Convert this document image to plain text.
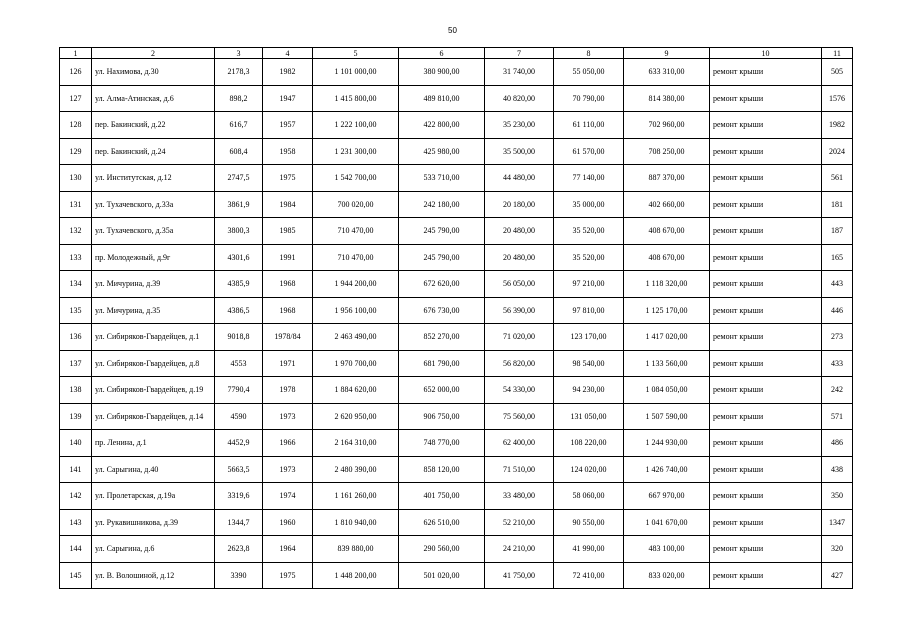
50
1	2	3	4	5	6	7	8	9	10	11
126	ул. Нахимова, д.30	2178,3	1982	1 101 000,00	380 900,00	31 740,00	55 050,00	633 310,00	ремонт крыши	505
127	ул. Алма-Атинская, д.6	898,2	1947	1 415 800,00	489 810,00	40 820,00	70 790,00	814 380,00	ремонт крыши	1576
128	пер. Бакинский, д.22	616,7	1957	1 222 100,00	422 800,00	35 230,00	61 110,00	702 960,00	ремонт крыши	1982
129	пер. Бакинский, д.24	608,4	1958	1 231 300,00	425 980,00	35 500,00	61 570,00	708 250,00	ремонт крыши	2024
130	ул. Институтская, д.12	2747,5	1975	1 542 700,00	533 710,00	44 480,00	77 140,00	887 370,00	ремонт крыши	561
131	ул. Тухачевского, д.33а	3861,9	1984	700 020,00	242 180,00	20 180,00	35 000,00	402 660,00	ремонт крыши	181
132	ул. Тухачевского, д.35а	3800,3	1985	710 470,00	245 790,00	20 480,00	35 520,00	408 670,00	ремонт крыши	187
133	пр. Молодежный, д.9г	4301,6	1991	710 470,00	245 790,00	20 480,00	35 520,00	408 670,00	ремонт крыши	165
134	ул. Мичурина, д.39	4385,9	1968	1 944 200,00	672 620,00	56 050,00	97 210,00	1 118 320,00	ремонт крыши	443
135	ул. Мичурина, д.35	4386,5	1968	1 956 100,00	676 730,00	56 390,00	97 810,00	1 125 170,00	ремонт крыши	446
136	ул. Сибиряков-Гвардейцев, д.1	9018,8	1978/84	2 463 490,00	852 270,00	71 020,00	123 170,00	1 417 020,00	ремонт крыши	273
137	ул. Сибиряков-Гвардейцев, д.8	4553	1971	1 970 700,00	681 790,00	56 820,00	98 540,00	1 133 560,00	ремонт крыши	433
138	ул. Сибиряков-Гвардейцев, д.19	7790,4	1978	1 884 620,00	652 000,00	54 330,00	94 230,00	1 084 050,00	ремонт крыши	242
139	ул. Сибиряков-Гвардейцев, д.14	4590	1973	2 620 950,00	906 750,00	75 560,00	131 050,00	1 507 590,00	ремонт крыши	571
140	пр. Ленина, д.1	4452,9	1966	2 164 310,00	748 770,00	62 400,00	108 220,00	1 244 930,00	ремонт крыши	486
141	ул. Сарыгина, д.40	5663,5	1973	2 480 390,00	858 120,00	71 510,00	124 020,00	1 426 740,00	ремонт крыши	438
142	ул. Пролетарская, д.19а	3319,6	1974	1 161 260,00	401 750,00	33 480,00	58 060,00	667 970,00	ремонт крыши	350
143	ул. Рукавишникова, д.39	1344,7	1960	1 810 940,00	626 510,00	52 210,00	90 550,00	1 041 670,00	ремонт крыши	1347
144	ул. Сарыгина, д.6	2623,8	1964	839 880,00	290 560,00	24 210,00	41 990,00	483 100,00	ремонт крыши	320
145	ул. В. Волошиной, д.12	3390	1975	1 448 200,00	501 020,00	41 750,00	72 410,00	833 020,00	ремонт крыши	427
